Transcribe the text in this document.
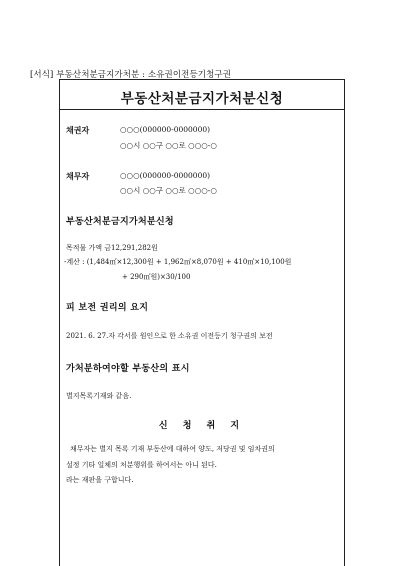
[서식] 부동산처분금지가처분 : 소유권이전등기청구권
부동산처분금지가처분신청
채권자	○○○(000000-0000000)
○○시 ○○구 ○○로 ○○○-○
채무자	○○○(000000-0000000)
○○시 ○○구 ○○로 ○○○-○
부동산처분금지가처분신청
목적물 가액 금12,291,282원
-계산 : (1,484㎡×12,300원 + 1,962㎡×8,070원 + 410㎡×10,100원
+ 290㎡원)×30/100
피 보전 권리의 요지
2021. 6. 27.자 각서를 원인으로 한 소유권 이전등기 청구권의 보전
가처분하여야할 부동산의 표시
별지목록기재와 같음.
신 청 취 지
채무자는 별지 목록 기재 부동산에 대하여 양도, 저당권 및 임차권의
설정 기타 일체의 처분행위를 하여서는 아니 된다.
라는 재판을 구합니다.
